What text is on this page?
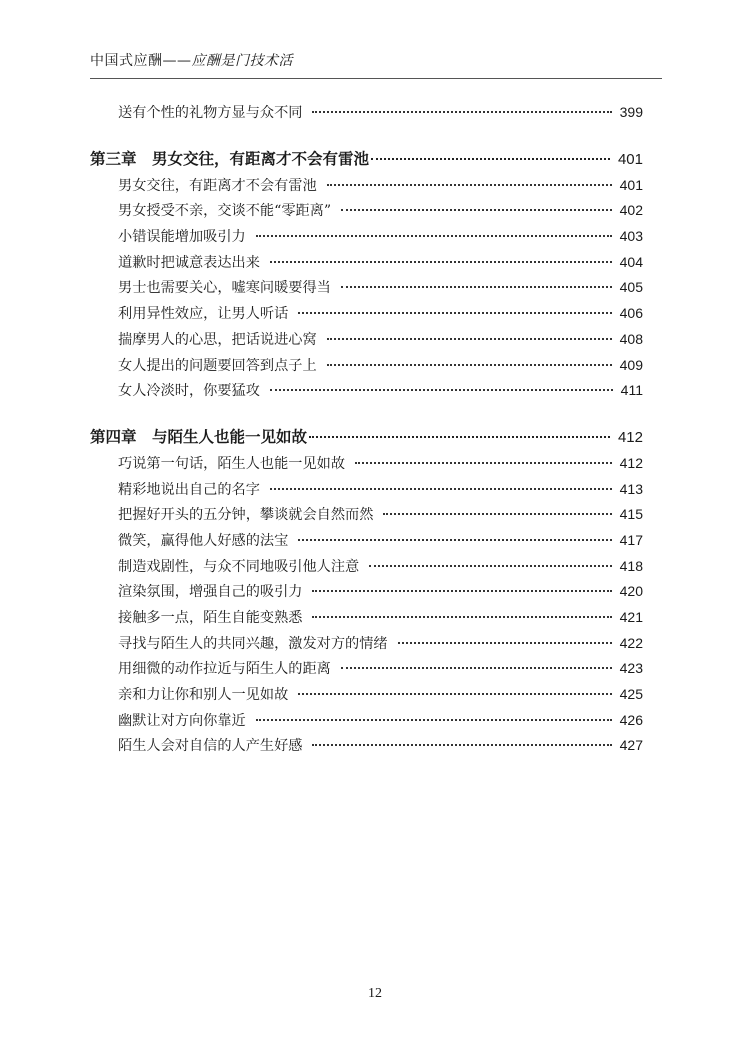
中国式应酬——应酬是门技术活
送有个性的礼物方显与众不同	399
第三章　男女交往，有距离才不会有雷池	401
男女交往，有距离才不会有雷池	401
男女授受不亲，交谈不能“零距离”	402
小错误能增加吸引力	403
道歉时把诚意表达出来	404
男士也需要关心，嘘寒问暖要得当	405
利用异性效应，让男人听话	406
揣摩男人的心思，把话说进心窝	408
女人提出的问题要回答到点子上	409
女人冷淡时，你要猛攻	411
第四章　与陌生人也能一见如故	412
巧说第一句话，陌生人也能一见如故	412
精彩地说出自己的名字	413
把握好开头的五分钟，攀谈就会自然而然	415
微笑，赢得他人好感的法宝	417
制造戏剧性，与众不同地吸引他人注意	418
渲染氛围，增强自己的吸引力	420
接触多一点，陌生自能变熟悉	421
寻找与陌生人的共同兴趣，激发对方的情绪	422
用细微的动作拉近与陌生人的距离	423
亲和力让你和别人一见如故	425
幽默让对方向你靠近	426
陌生人会对自信的人产生好感	427
12
